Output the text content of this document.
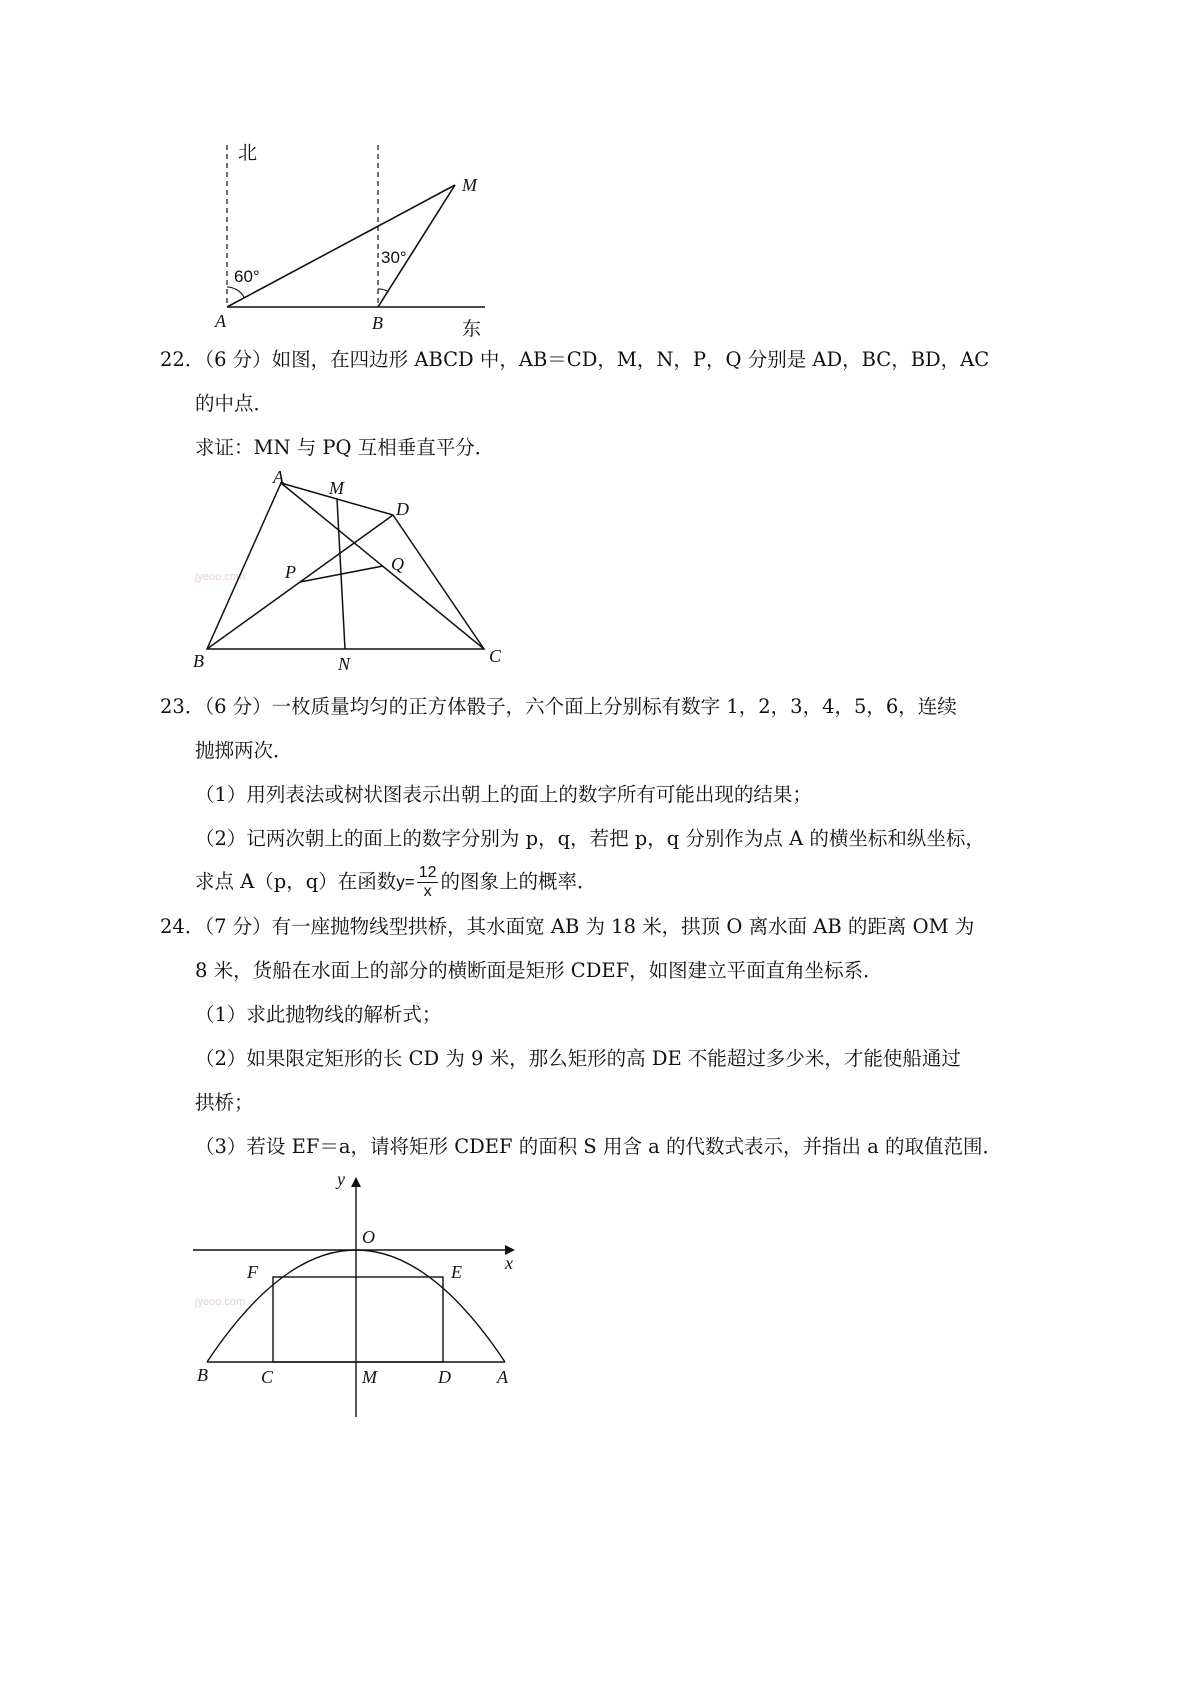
北
60°
30°
M
A	B	东
22．（6 分）如图，在四边形 ABCD 中，AB＝CD，M，N，P，Q 分别是 AD，BC，BD，AC
的中点．
求证：MN 与 PQ 互相垂直平分．
jyeoo.com
A
M
D
P	Q
B	N	C
23．（6 分）一枚质量均匀的正方体骰子，六个面上分别标有数字 1，2，3，4，5，6，连续
抛掷两次．
（1）用列表法或树状图表示出朝上的面上的数字所有可能出现的结果；
（2）记两次朝上的面上的数字分别为 p，q，若把 p，q 分别作为点 A 的横坐标和纵坐标，
求点 A（p，q）在函数$y= \frac{12}{x}$ 的图象上的概率．
24．（7 分）有一座抛物线型拱桥，其水面宽 AB 为 18 米，拱顶 O 离水面 AB 的距离 OM 为
8 米，货船在水面上的部分的横断面是矩形 CDEF，如图建立平面直角坐标系．
（1）求此抛物线的解析式；
（2）如果限定矩形的长 CD 为 9 米，那么矩形的高 DE 不能超过多少米，才能使船通过
拱桥；
（3）若设 EF＝a，请将矩形 CDEF 的面积 S 用含 a 的代数式表示，并指出 a 的取值范围．
jyeoo.com
y
x
O
F	E
B	C	M	D	A
